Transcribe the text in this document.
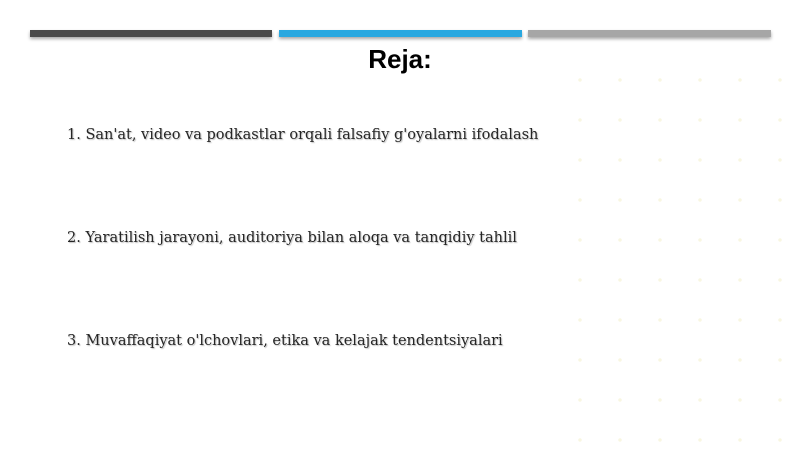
Reja:

1. San'at, video va podkastlar orqali falsafiy g'oyalarni ifodalash

2. Yaratilish jarayoni, auditoriya bilan aloqa va tanqidiy tahlil

3. Muvaffaqiyat o'lchovlari, etika va kelajak tendentsiyalari
